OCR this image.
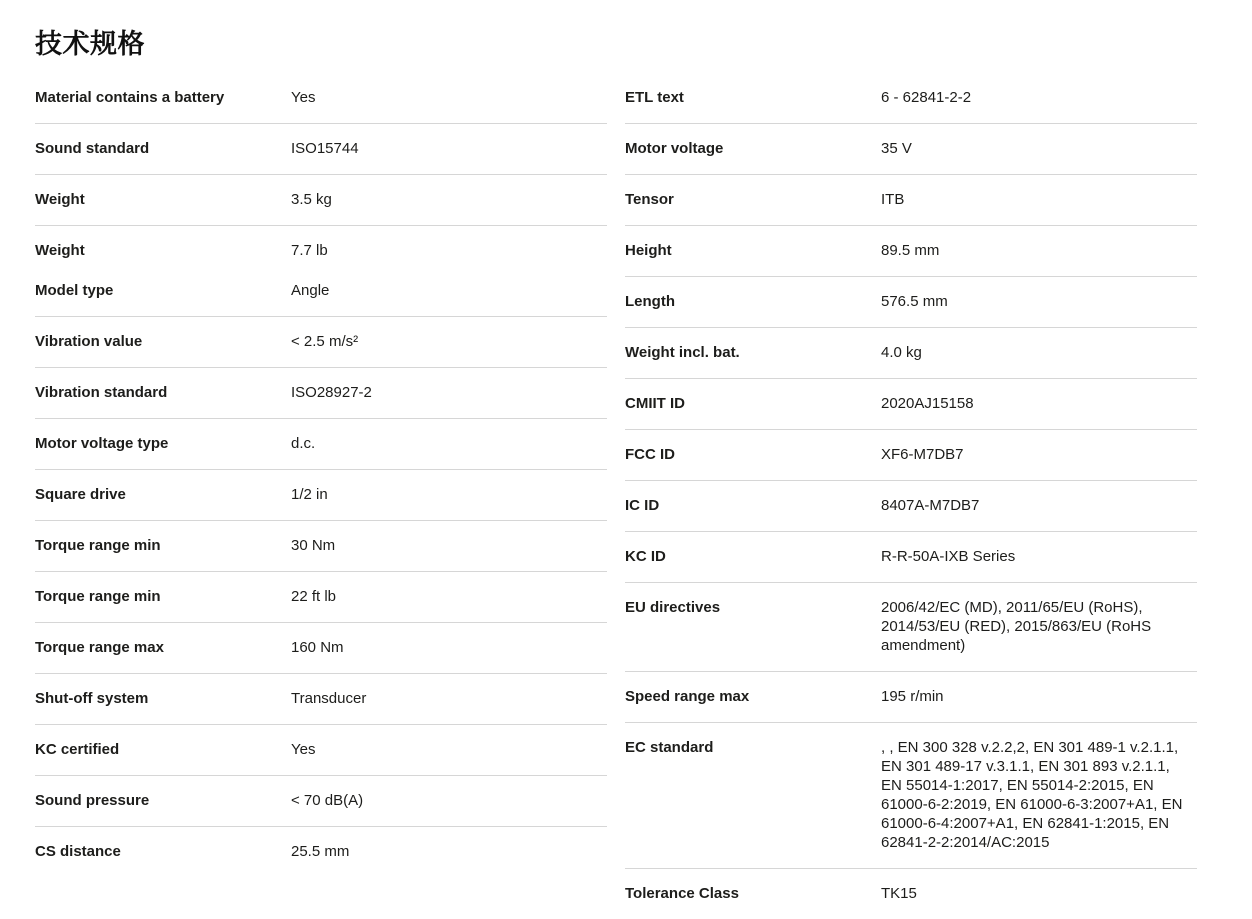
技术规格
Material contains a battery	Yes
Sound standard	ISO15744
Weight	3.5 kg
Weight	7.7 lb
Model type	Angle
Vibration value	< 2.5 m/s²
Vibration standard	ISO28927-2
Motor voltage type	d.c.
Square drive	1/2 in
Torque range min	30 Nm
Torque range min	22 ft lb
Torque range max	160 Nm
Shut-off system	Transducer
KC certified	Yes
Sound pressure	< 70 dB(A)
CS distance	25.5 mm
ETL text	6 - 62841-2-2
Motor voltage	35 V
Tensor	ITB
Height	89.5 mm
Length	576.5 mm
Weight incl. bat.	4.0 kg
CMIIT ID	2020AJ15158
FCC ID	XF6-M7DB7
IC ID	8407A-M7DB7
KC ID	R-R-50A-IXB Series
EU directives	2006/42/EC (MD), 2011/65/EU (RoHS), 2014/53/EU (RED), 2015/863/EU (RoHS amendment)
Speed range max	195 r/min
EC standard	, , EN 300 328 v.2.2,2, EN 301 489-1 v.2.1.1, EN 301 489-17 v.3.1.1, EN 301 893 v.2.1.1, EN 55014-1:2017, EN 55014-2:2015, EN 61000-6-2:2019, EN 61000-6-3:2007+A1, EN 61000-6-4:2007+A1, EN 62841-1:2015, EN 62841-2-2:2014/AC:2015
Tolerance Class	TK15
